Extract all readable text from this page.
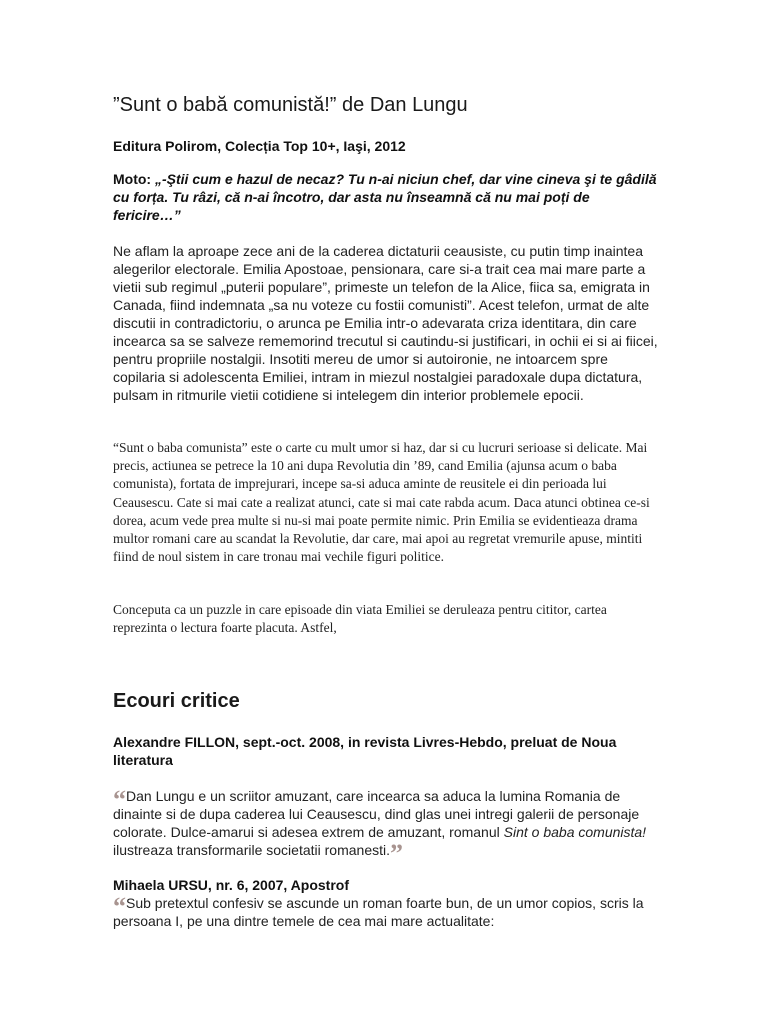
”Sunt o babă comunistă!” de Dan Lungu

Editura Polirom, Colecția Top 10+, Iaşi, 2012

Moto: „-Ştii cum e hazul de necaz? Tu n-ai niciun chef, dar vine cineva şi te gâdilă cu forța. Tu râzi, că n-ai încotro, dar asta nu înseamnă că nu mai poți de fericire…”

Ne aflam la aproape zece ani de la caderea dictaturii ceausiste, cu putin timp inaintea alegerilor electorale. Emilia Apostoae, pensionara, care si-a trait cea mai mare parte a vietii sub regimul „puterii populare”, primeste un telefon de la Alice, fiica sa, emigrata in Canada, fiind indemnata „sa nu voteze cu fostii comunisti”. Acest telefon, urmat de alte discutii in contradictoriu, o arunca pe Emilia intr-o adevarata criza identitara, din care incearca sa se salveze rememorind trecutul si cautindu-si justificari, in ochii ei si ai fiicei, pentru propriile nostalgii. Insotiti mereu de umor si autoironie, ne intoarcem spre copilaria si adolescenta Emiliei, intram in miezul nostalgiei paradoxale dupa dictatura, pulsam in ritmurile vietii cotidiene si intelegem din interior problemele epocii.

“Sunt o baba comunista” este o carte cu mult umor si haz, dar si cu lucruri serioase si delicate. Mai precis, actiunea se petrece la 10 ani dupa Revolutia din ’89, cand Emilia (ajunsa acum o baba comunista), fortata de imprejurari, incepe sa-si aduca aminte de reusitele ei din perioada lui Ceausescu. Cate si mai cate a realizat atunci, cate si mai cate rabda acum. Daca atunci obtinea ce-si dorea, acum vede prea multe si nu-si mai poate permite nimic. Prin Emilia se evidentieaza drama multor romani care au scandat la Revolutie, dar care, mai apoi au regretat vremurile apuse, mintiti fiind de noul sistem in care tronau mai vechile figuri politice.

Conceputa ca un puzzle in care episoade din viata Emiliei se deruleaza pentru cititor, cartea reprezinta o lectura foarte placuta. Astfel,

Ecouri critice

Alexandre FILLON, sept.-oct. 2008, in revista Livres-Hebdo, preluat de Noua literatura

“Dan Lungu e un scriitor amuzant, care incearca sa aduca la lumina Romania de dinainte si de dupa caderea lui Ceausescu, dind glas unei intregi galerii de personaje colorate. Dulce-amarui si adesea extrem de amuzant, romanul Sint o baba comunista! ilustreaza transformarile societatii romanesti.”

Mihaela URSU, nr. 6, 2007, Apostrof

“Sub pretextul confesiv se ascunde un roman foarte bun, de un umor copios, scris la persoana I, pe una dintre temele de cea mai mare actualitate:
